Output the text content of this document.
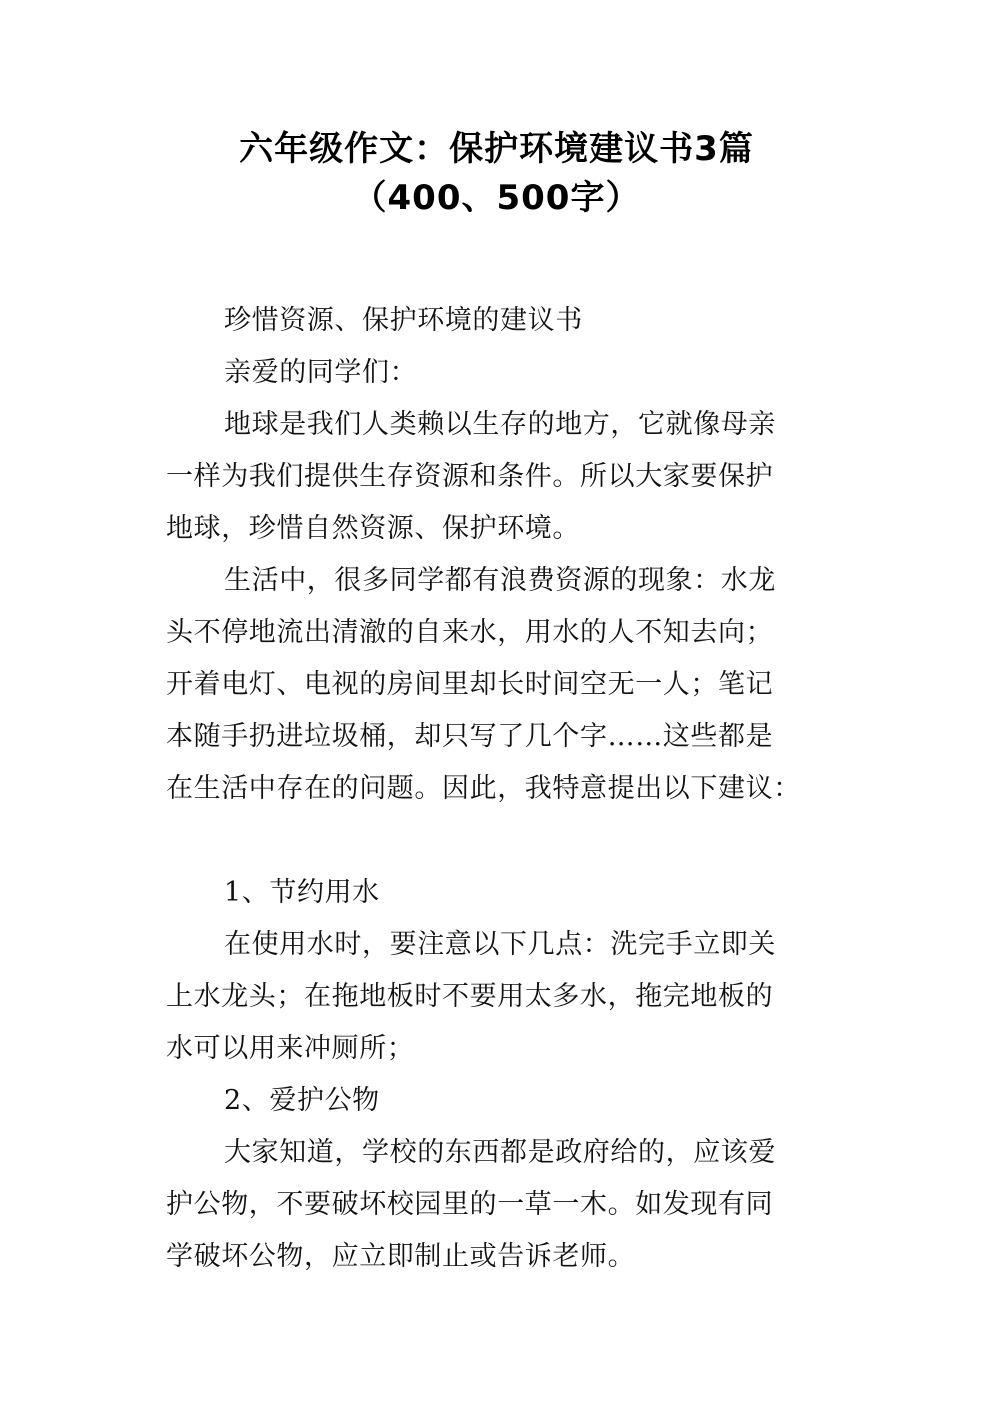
六年级作文：保护环境建议书3篇
（400、500字）
珍惜资源、保护环境的建议书
亲爱的同学们：
地球是我们人类赖以生存的地方，它就像母亲
一样为我们提供生存资源和条件。所以大家要保护
地球，珍惜自然资源、保护环境。
生活中，很多同学都有浪费资源的现象：水龙
头不停地流出清澈的自来水，用水的人不知去向；
开着电灯、电视的房间里却长时间空无一人；笔记
本随手扔进垃圾桶，却只写了几个字……这些都是
在生活中存在的问题。因此，我特意提出以下建议：
1、节约用水
在使用水时，要注意以下几点：洗完手立即关
上水龙头；在拖地板时不要用太多水，拖完地板的
水可以用来冲厕所；
2、爱护公物
大家知道，学校的东西都是政府给的，应该爱
护公物，不要破坏校园里的一草一木。如发现有同
学破坏公物，应立即制止或告诉老师。
